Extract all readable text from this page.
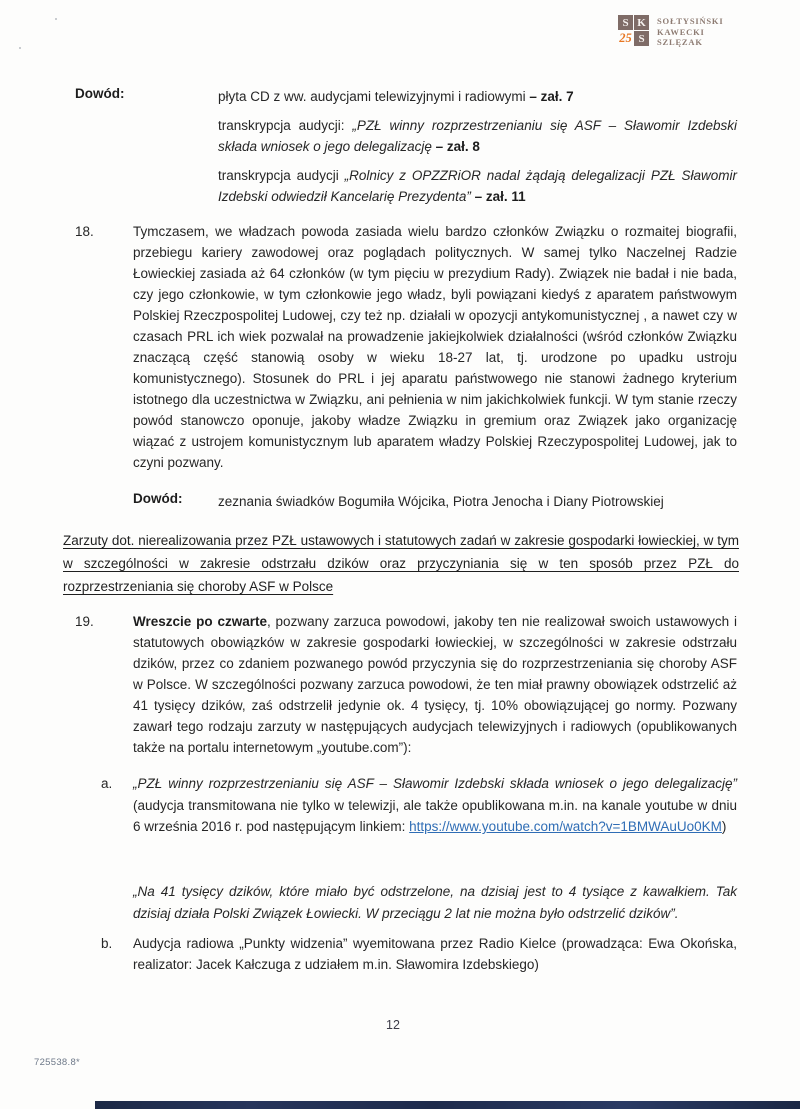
S K
25 S
SOŁTYSIŃSKI
KAWECKI
SZLĘZAK
Dowód:	płyta CD z ww. audycjami telewizyjnymi i radiowymi – zał. 7
transkrypcja audycji: „PZŁ winny rozprzestrzenianiu się ASF – Sławomir Izdebski składa wniosek o jego delegalizację – zał. 8
transkrypcja audycji „Rolnicy z OPZZRiOR nadal żądają delegalizacji PZŁ Sławomir Izdebski odwiedził Kancelarię Prezydenta” – zał. 11
18.	Tymczasem, we władzach powoda zasiada wielu bardzo członków Związku o rozmaitej biografii, przebiegu kariery zawodowej oraz poglądach politycznych. W samej tylko Naczelnej Radzie Łowieckiej zasiada aż 64 członków (w tym pięciu w prezydium Rady). Związek nie badał i nie bada, czy jego członkowie, w tym członkowie jego władz, byli powiązani kiedyś z aparatem państwowym Polskiej Rzeczpospolitej Ludowej, czy też np. działali w opozycji antykomunistycznej , a nawet czy w czasach PRL ich wiek pozwalał na prowadzenie jakiejkolwiek działalności (wśród członków Związku znaczącą część stanowią osoby w wieku 18-27 lat, tj. urodzone po upadku ustroju komunistycznego). Stosunek do PRL i jej aparatu państwowego nie stanowi żadnego kryterium istotnego dla uczestnictwa w Związku, ani pełnienia w nim jakichkolwiek funkcji. W tym stanie rzeczy powód stanowczo oponuje, jakoby władze Związku in gremium oraz Związek jako organizację wiązać z ustrojem komunistycznym lub aparatem władzy Polskiej Rzeczypospolitej Ludowej, jak to czyni pozwany.
Dowód:	zeznania świadków Bogumiła Wójcika, Piotra Jenocha i Diany Piotrowskiej
Zarzuty dot. nierealizowania przez PZŁ ustawowych i statutowych zadań w zakresie gospodarki łowieckiej, w tym w szczególności w zakresie odstrzału dzików oraz przyczyniania się w ten sposób przez PZŁ do rozprzestrzeniania się choroby ASF w Polsce
19.	Wreszcie po czwarte, pozwany zarzuca powodowi, jakoby ten nie realizował swoich ustawowych i statutowych obowiązków w zakresie gospodarki łowieckiej, w szczególności w zakresie odstrzału dzików, przez co zdaniem pozwanego powód przyczynia się do rozprzestrzeniania się choroby ASF w Polsce. W szczególności pozwany zarzuca powodowi, że ten miał prawny obowiązek odstrzelić aż 41 tysięcy dzików, zaś odstrzelił jedynie ok. 4 tysięcy, tj. 10% obowiązującej go normy. Pozwany zawarł tego rodzaju zarzuty w następujących audycjach telewizyjnych i radiowych (opublikowanych także na portalu internetowym „youtube.com”):
a. „PZŁ winny rozprzestrzenianiu się ASF – Sławomir Izdebski składa wniosek o jego delegalizację” (audycja transmitowana nie tylko w telewizji, ale także opublikowana m.in. na kanale youtube w dniu 6 września 2016 r. pod następującym linkiem: https://www.youtube.com/watch?v=1BMWAuUo0KM)
„Na 41 tysięcy dzików, które miało być odstrzelone, na dzisiaj jest to 4 tysiące z kawałkiem. Tak dzisiaj działa Polski Związek Łowiecki. W przeciągu 2 lat nie można było odstrzelić dzików”.
b. Audycja radiowa „Punkty widzenia” wyemitowana przez Radio Kielce (prowadząca: Ewa Okońska, realizator: Jacek Kałczuga z udziałem m.in. Sławomira Izdebskiego)
12
725538.8*
